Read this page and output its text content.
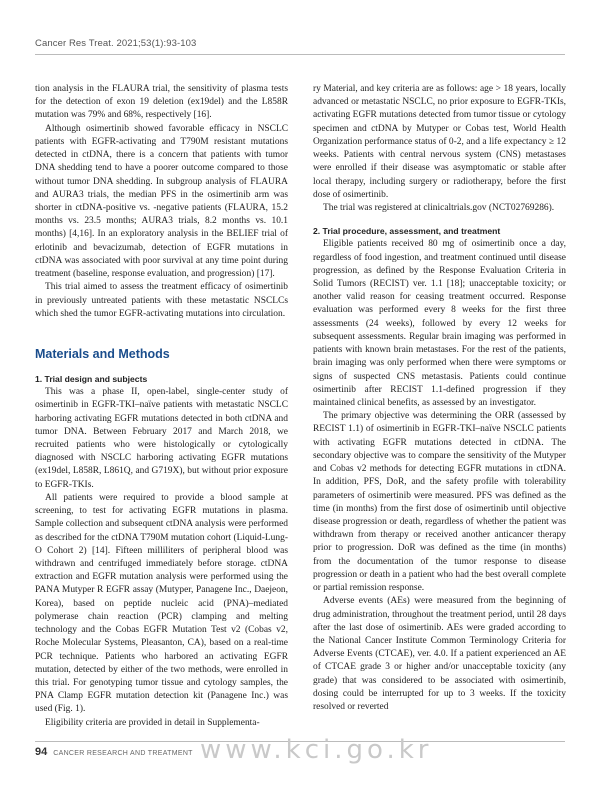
Cancer Res Treat. 2021;53(1):93-103

tion analysis in the FLAURA trial, the sensitivity of plasma tests for the detection of exon 19 deletion (ex19del) and the L858R mutation was 79% and 68%, respectively [16].

Although osimertinib showed favorable efficacy in NSCLC patients with EGFR-activating and T790M resistant mutations detected in ctDNA, there is a concern that patients with tumor DNA shedding tend to have a poorer outcome compared to those without tumor DNA shedding. In subgroup analysis of FLAURA and AURA3 trials, the median PFS in the osimertinib arm was shorter in ctDNA-positive vs. -negative patients (FLAURA, 15.2 months vs. 23.5 months; AURA3 trials, 8.2 months vs. 10.1 months) [4,16]. In an exploratory analysis in the BELIEF trial of erlotinib and bevacizumab, detection of EGFR mutations in ctDNA was associated with poor survival at any time point during treatment (baseline, response evaluation, and progression) [17].

This trial aimed to assess the treatment efficacy of osimertinib in previously untreated patients with these metastatic NSCLCs which shed the tumor EGFR-activating mutations into circulation.

Materials and Methods
1. Trial design and subjects

This was a phase II, open-label, single-center study of osimertinib in EGFR-TKI–naïve patients with metastatic NSCLC harboring activating EGFR mutations detected in both ctDNA and tumor DNA. Between February 2017 and March 2018, we recruited patients who were histologically or cytologically diagnosed with NSCLC harboring activating EGFR mutations (ex19del, L858R, L861Q, and G719X), but without prior exposure to EGFR-TKIs.

All patients were required to provide a blood sample at screening, to test for activating EGFR mutations in plasma. Sample collection and subsequent ctDNA analysis were performed as described for the ctDNA T790M mutation cohort (Liquid-Lung-O Cohort 2) [14]. Fifteen milliliters of peripheral blood was withdrawn and centrifuged immediately before storage. ctDNA extraction and EGFR mutation analysis were performed using the PANA Mutyper R EGFR assay (Mutyper, Panagene Inc., Daejeon, Korea), based on peptide nucleic acid (PNA)–mediated polymerase chain reaction (PCR) clamping and melting technology and the Cobas EGFR Mutation Test v2 (Cobas v2, Roche Molecular Systems, Pleasanton, CA), based on a real-time PCR technique. Patients who harbored an activating EGFR mutation, detected by either of the two methods, were enrolled in this trial. For genotyping tumor tissue and cytology samples, the PNA Clamp EGFR mutation detection kit (Panagene Inc.) was used (Fig. 1).

Eligibility criteria are provided in detail in Supplementa-

ry Material, and key criteria are as follows: age > 18 years, locally advanced or metastatic NSCLC, no prior exposure to EGFR-TKIs, activating EGFR mutations detected from tumor tissue or cytology specimen and ctDNA by Mutyper or Cobas test, World Health Organization performance status of 0-2, and a life expectancy ≥ 12 weeks. Patients with central nervous system (CNS) metastases were enrolled if their disease was asymptomatic or stable after local therapy, including surgery or radiotherapy, before the first dose of osimertinib.

The trial was registered at clinicaltrials.gov (NCT02769286).

2. Trial procedure, assessment, and treatment

Eligible patients received 80 mg of osimertinib once a day, regardless of food ingestion, and treatment continued until disease progression, as defined by the Response Evaluation Criteria in Solid Tumors (RECIST) ver. 1.1 [18]; unacceptable toxicity; or another valid reason for ceasing treatment occurred. Response evaluation was performed every 8 weeks for the first three assessments (24 weeks), followed by every 12 weeks for subsequent assessments. Regular brain imaging was performed in patients with known brain metastases. For the rest of the patients, brain imaging was only performed when there were symptoms or signs of suspected CNS metastasis. Patients could continue osimertinib after RECIST 1.1-defined progression if they maintained clinical benefits, as assessed by an investigator.

The primary objective was determining the ORR (assessed by RECIST 1.1) of osimertinib in EGFR-TKI–naïve NSCLC patients with activating EGFR mutations detected in ctDNA. The secondary objective was to compare the sensitivity of the Mutyper and Cobas v2 methods for detecting EGFR mutations in ctDNA. In addition, PFS, DoR, and the safety profile with tolerability parameters of osimertinib were measured. PFS was defined as the time (in months) from the first dose of osimertinib until objective disease progression or death, regardless of whether the patient was withdrawn from therapy or received another anticancer therapy prior to progression. DoR was defined as the time (in months) from the documentation of the tumor response to disease progression or death in a patient who had the best overall complete or partial remission response.

Adverse events (AEs) were measured from the beginning of drug administration, throughout the treatment period, until 28 days after the last dose of osimertinib. AEs were graded according to the National Cancer Institute Common Terminology Criteria for Adverse Events (CTCAE), ver. 4.0. If a patient experienced an AE of CTCAE grade 3 or higher and/or unacceptable toxicity (any grade) that was considered to be associated with osimertinib, dosing could be interrupted for up to 3 weeks. If the toxicity resolved or reverted

94 CANCER RESEARCH AND TREATMENT www.kci.go.kr
